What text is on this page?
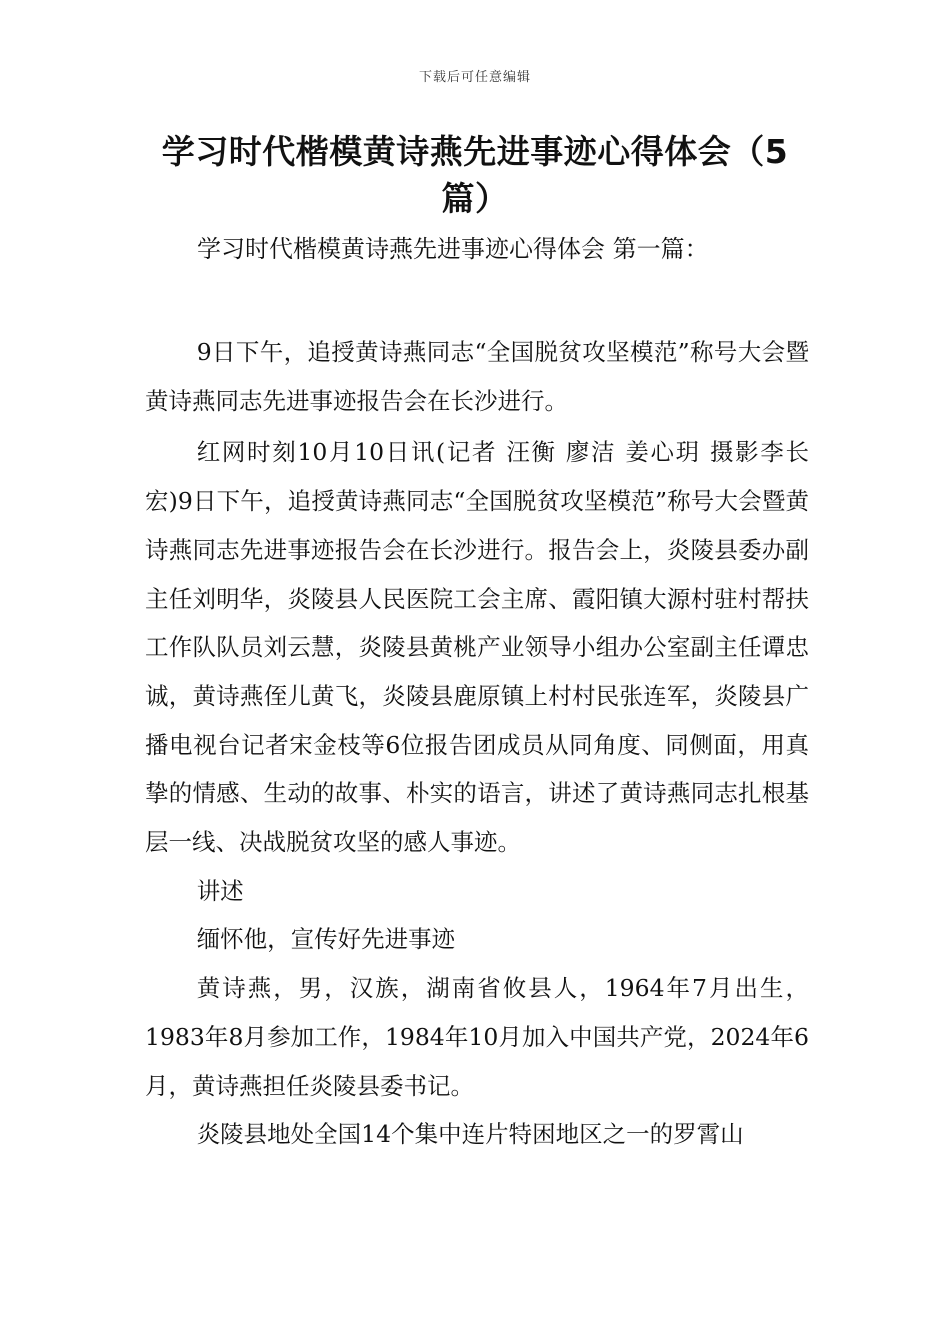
下载后可任意编辑
学习时代楷模黄诗燕先进事迹心得体会（5
篇）
学习时代楷模黄诗燕先进事迹心得体会 第一篇：

9日下午，追授黄诗燕同志“全国脱贫攻坚模范”称号大会暨黄诗燕同志先进事迹报告会在长沙进行。

红网时刻10月10日讯(记者 汪衡 廖洁 姜心玥 摄影李长宏)9日下午，追授黄诗燕同志“全国脱贫攻坚模范”称号大会暨黄诗燕同志先进事迹报告会在长沙进行。报告会上，炎陵县委办副主任刘明华，炎陵县人民医院工会主席、霞阳镇大源村驻村帮扶工作队队员刘云慧，炎陵县黄桃产业领导小组办公室副主任谭忠诚，黄诗燕侄儿黄飞，炎陵县鹿原镇上村村民张连军，炎陵县广播电视台记者宋金枝等6位报告团成员从同角度、同侧面，用真挚的情感、生动的故事、朴实的语言，讲述了黄诗燕同志扎根基层一线、决战脱贫攻坚的感人事迹。

讲述

缅怀他，宣传好先进事迹

黄诗燕，男，汉族，湖南省攸县人，1964年7月出生，1983年8月参加工作，1984年10月加入中国共产党，2024年6月，黄诗燕担任炎陵县委书记。

炎陵县地处全国14个集中连片特困地区之一的罗霄山
